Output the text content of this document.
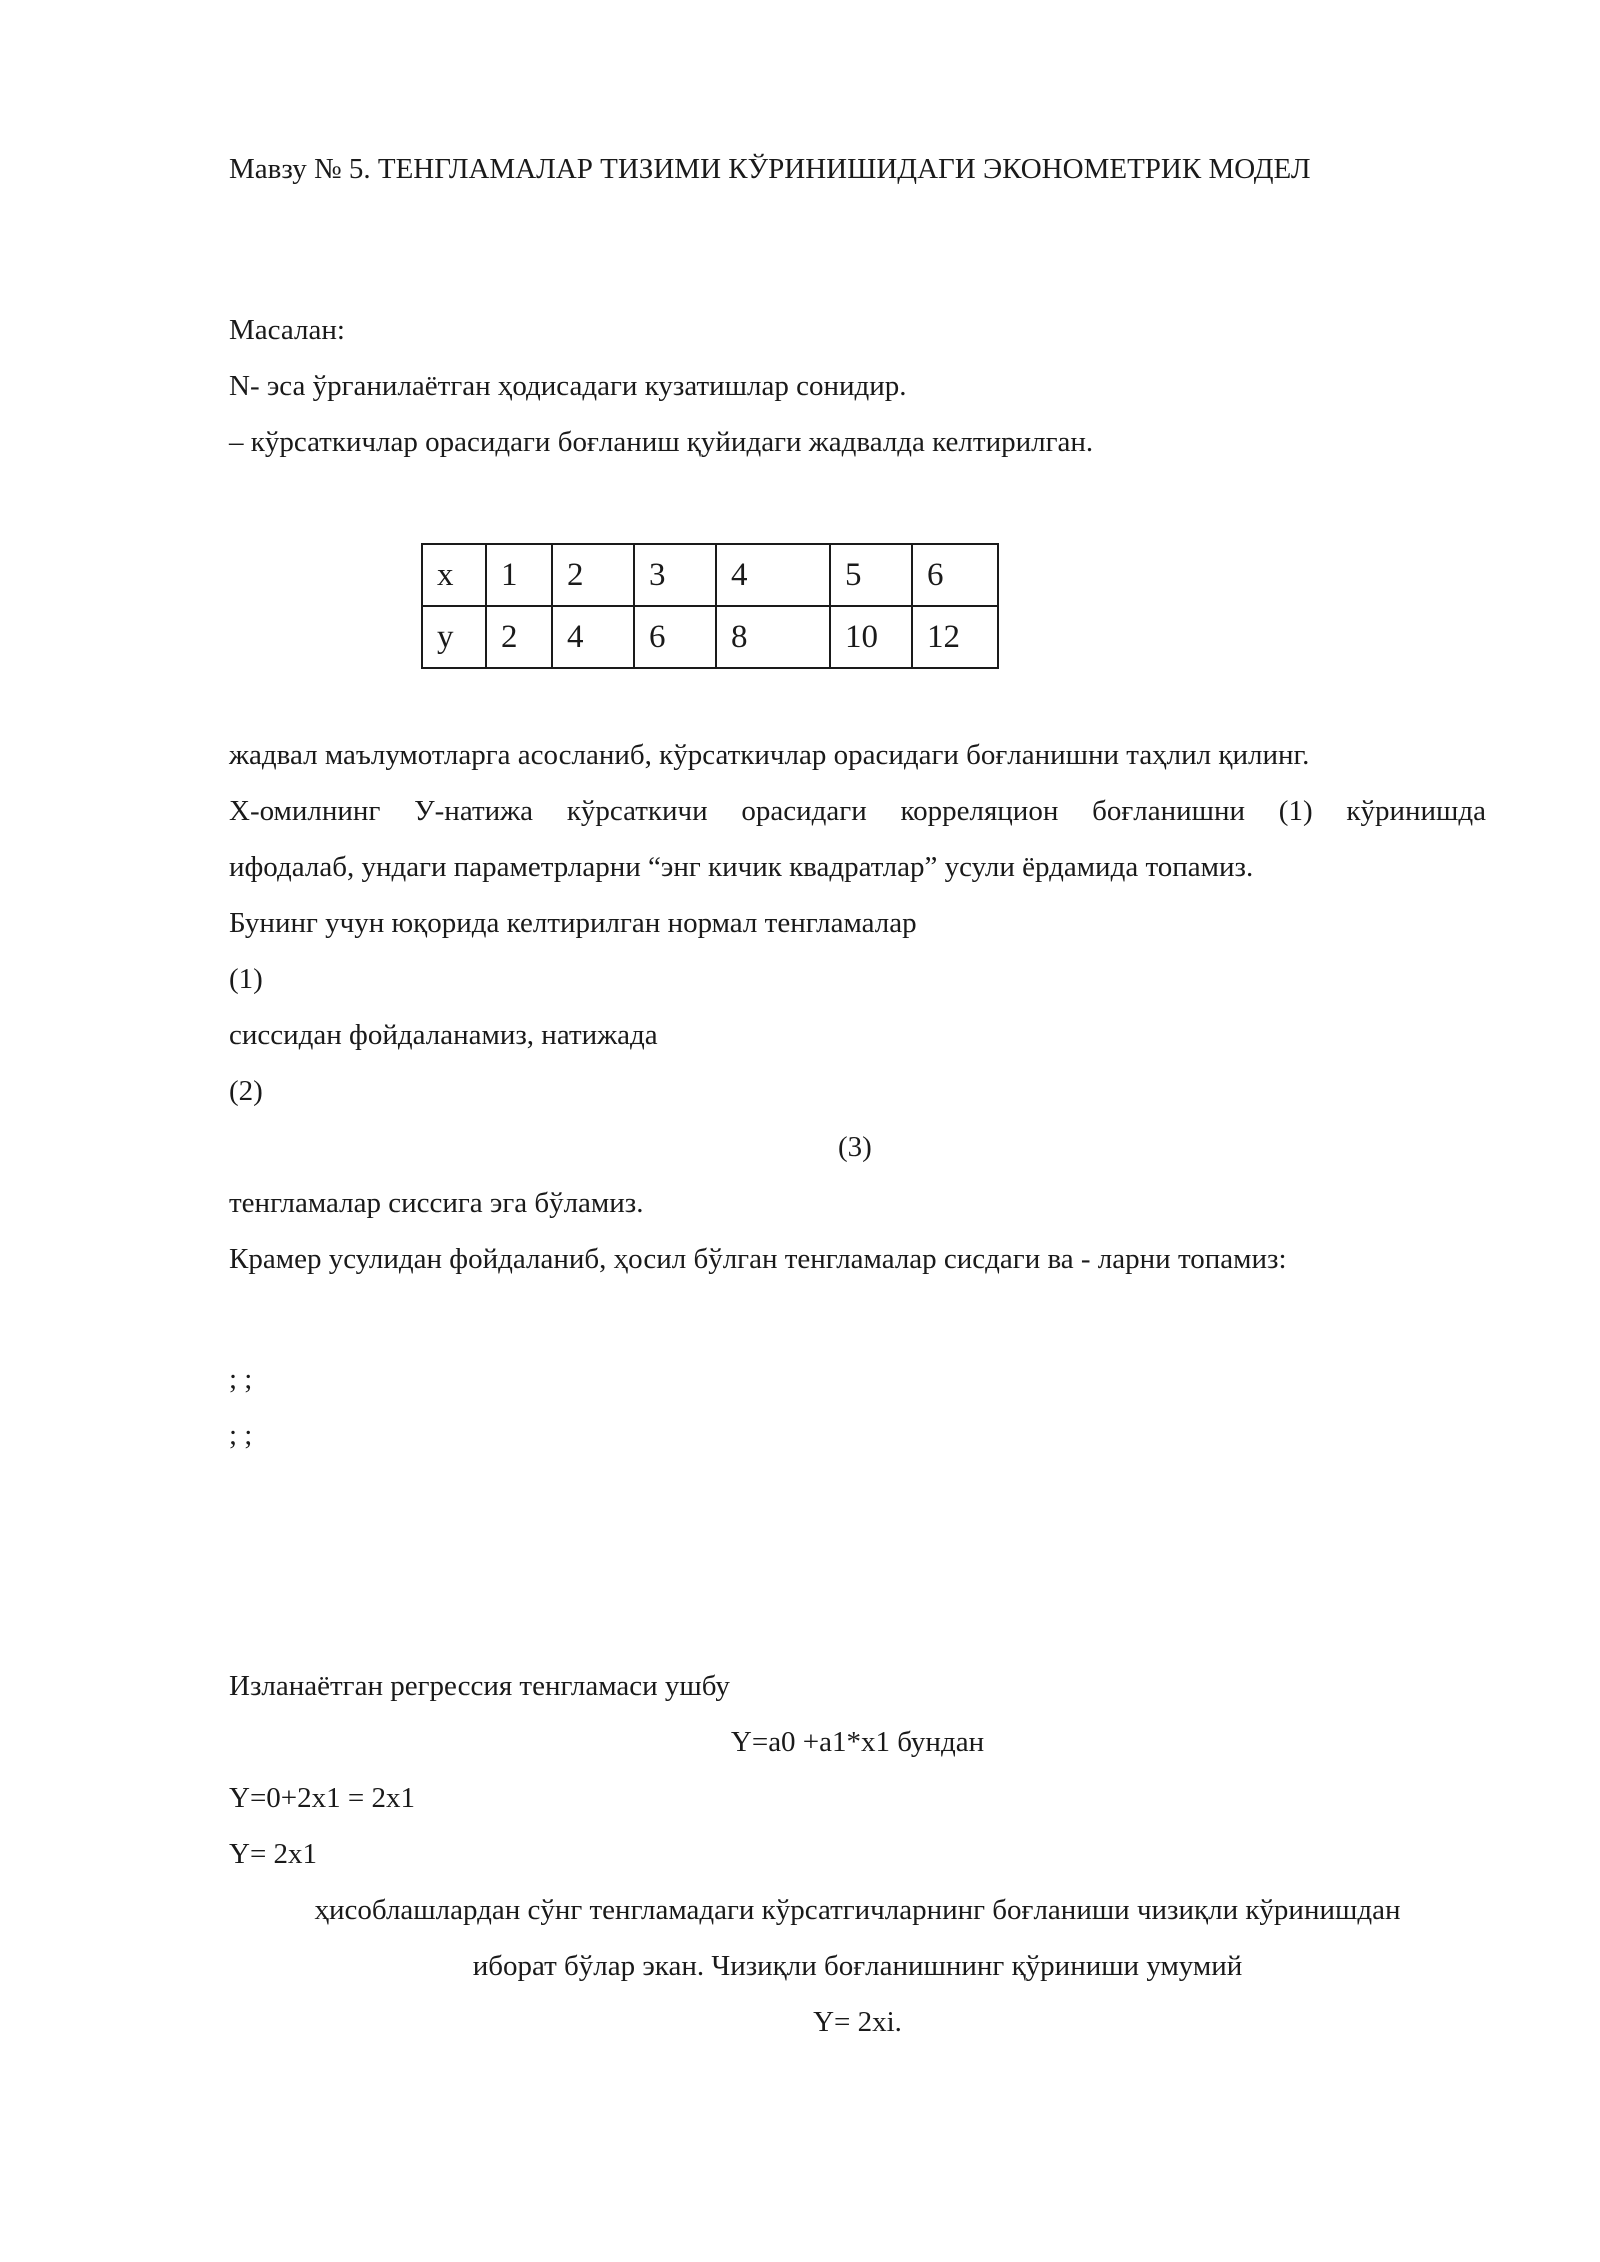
Мавзу № 5. ТЕНГЛАМАЛАР ТИЗИМИ КЎРИНИШИДАГИ ЭКОНОМЕТРИК МОДЕЛ
Масалан:
N- эса ўрганилаётган ҳодисадаги кузатишлар сонидир.
– кўрсаткичлар орасидаги боғланиш қуйидаги жадвалда келтирилган.
x	1	2	3	4	5	6
y	2	4	6	8	10	12
жадвал маълумотларга асосланиб, кўрсаткичлар орасидаги боғланишни таҳлил қилинг.
Х-омилнинг У-натижа кўрсаткичи орасидаги корреляцион боғланишни (1) кўринишда
ифодалаб, ундаги параметрларни “энг кичик квадратлар” усули ёрдамида топамиз.
Бунинг учун юқорида келтирилган нормал тенгламалар
(1)
сиссидан фойдаланамиз, натижада
(2)
(3)
тенгламалар сиссига эга бўламиз.
Крамер усулидан фойдаланиб, ҳосил бўлган тенгламалар сисдаги ва - ларни топамиз:
; ;
; ;
Изланаётган регрессия тенгламаси ушбу
Y=a0 +a1*x1 бундан
Y=0+2x1 = 2x1
Y= 2x1
ҳисоблашлардан сўнг тенгламадаги кўрсатгичларнинг боғланиши чизиқли кўринишдан
иборат бўлар экан. Чизиқли боғланишнинг қўриниши умумий
Y= 2xi.
